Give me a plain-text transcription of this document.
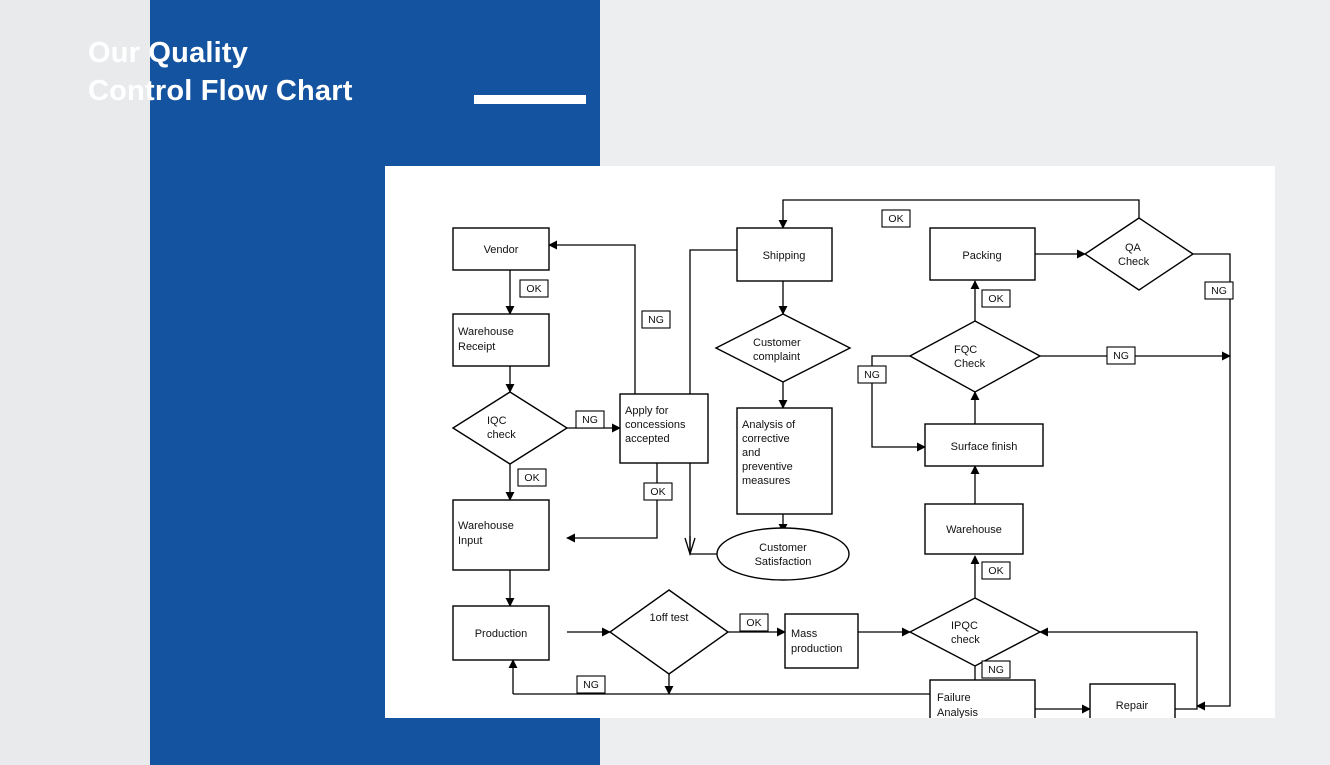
Our Quality
Control Flow Chart
Vendor
Warehouse
Receipt
IQC
check
Apply for
concessions
accepted
Warehouse
Input
Production
1off test
Mass
production
IPQC
check
Failure
Analysis
Repair
Warehouse
Surface finish
FQC
Check
Packing
QA
Check
Shipping
Customer
complaint
Analysis of
corrective
and
preventive
measures
Customer
Satisfaction
OK
NG
NG
OK
OK
NG
OK
NG
OK
NG
NG
OK
OK
NG
